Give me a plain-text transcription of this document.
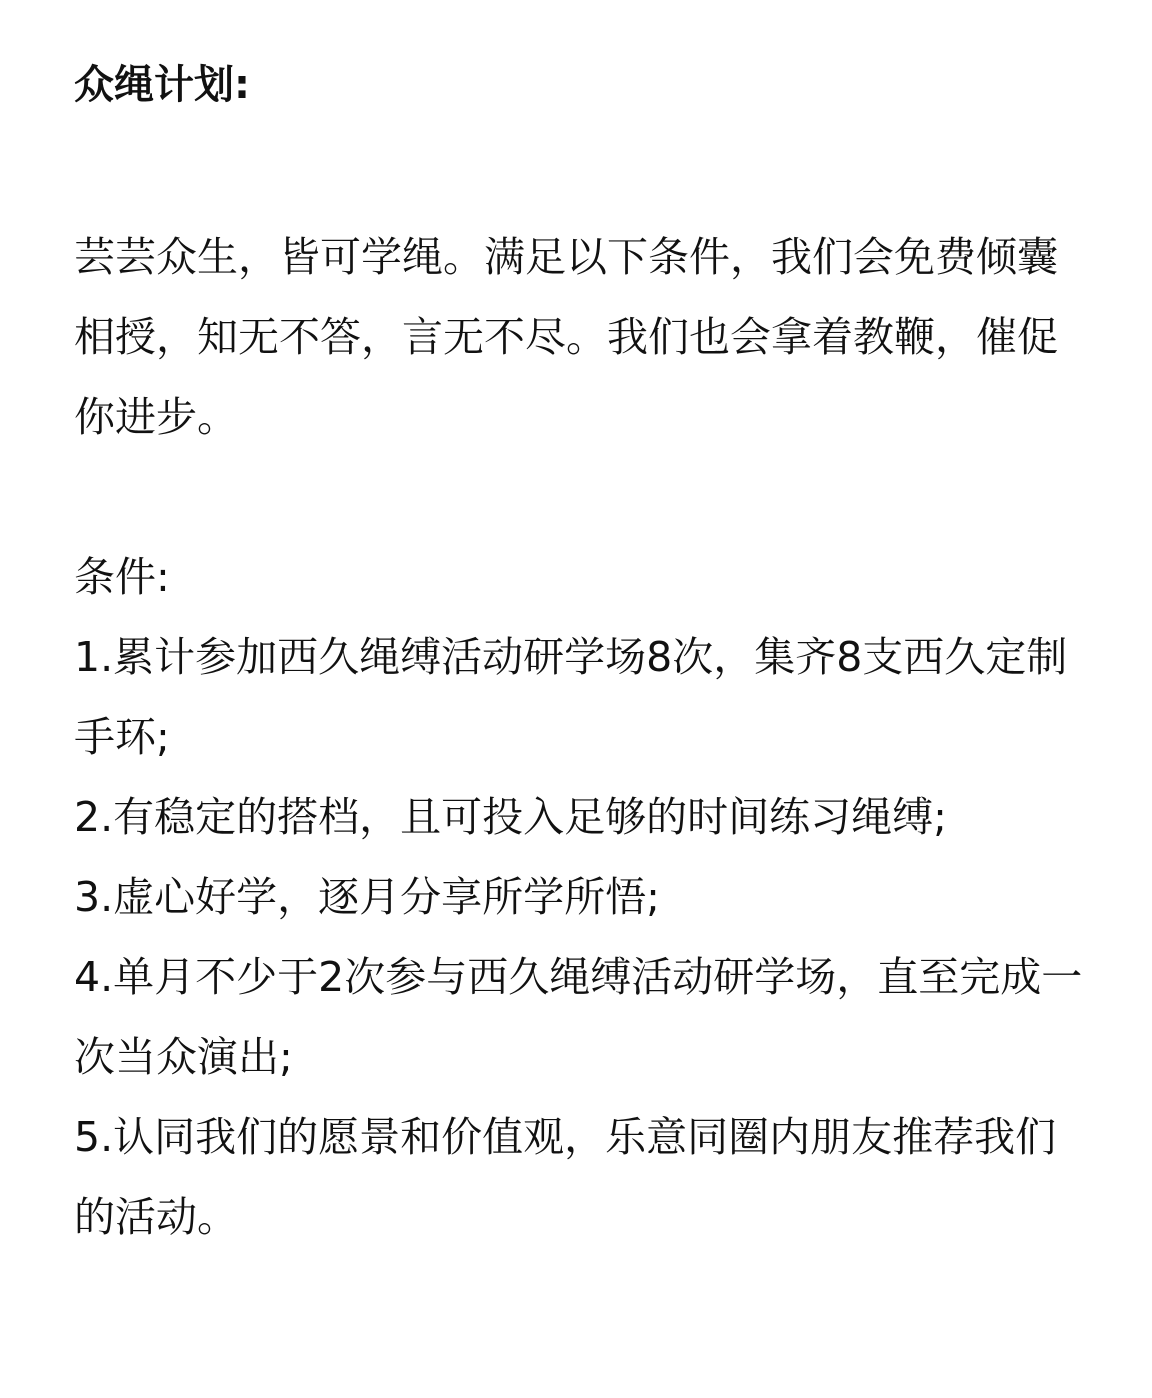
众绳计划:

芸芸众生，皆可学绳。满足以下条件，我们会免费倾囊相授，知无不答，言无不尽。我们也会拿着教鞭，催促你进步。

条件:

1.累计参加西久绳缚活动研学场8次，集齐8支西久定制手环;
2.有稳定的搭档，且可投入足够的时间练习绳缚;
3.虚心好学，逐月分享所学所悟;
4.单月不少于2次参与西久绳缚活动研学场，直至完成一次当众演出;
5.认同我们的愿景和价值观，乐意同圈内朋友推荐我们的活动。
